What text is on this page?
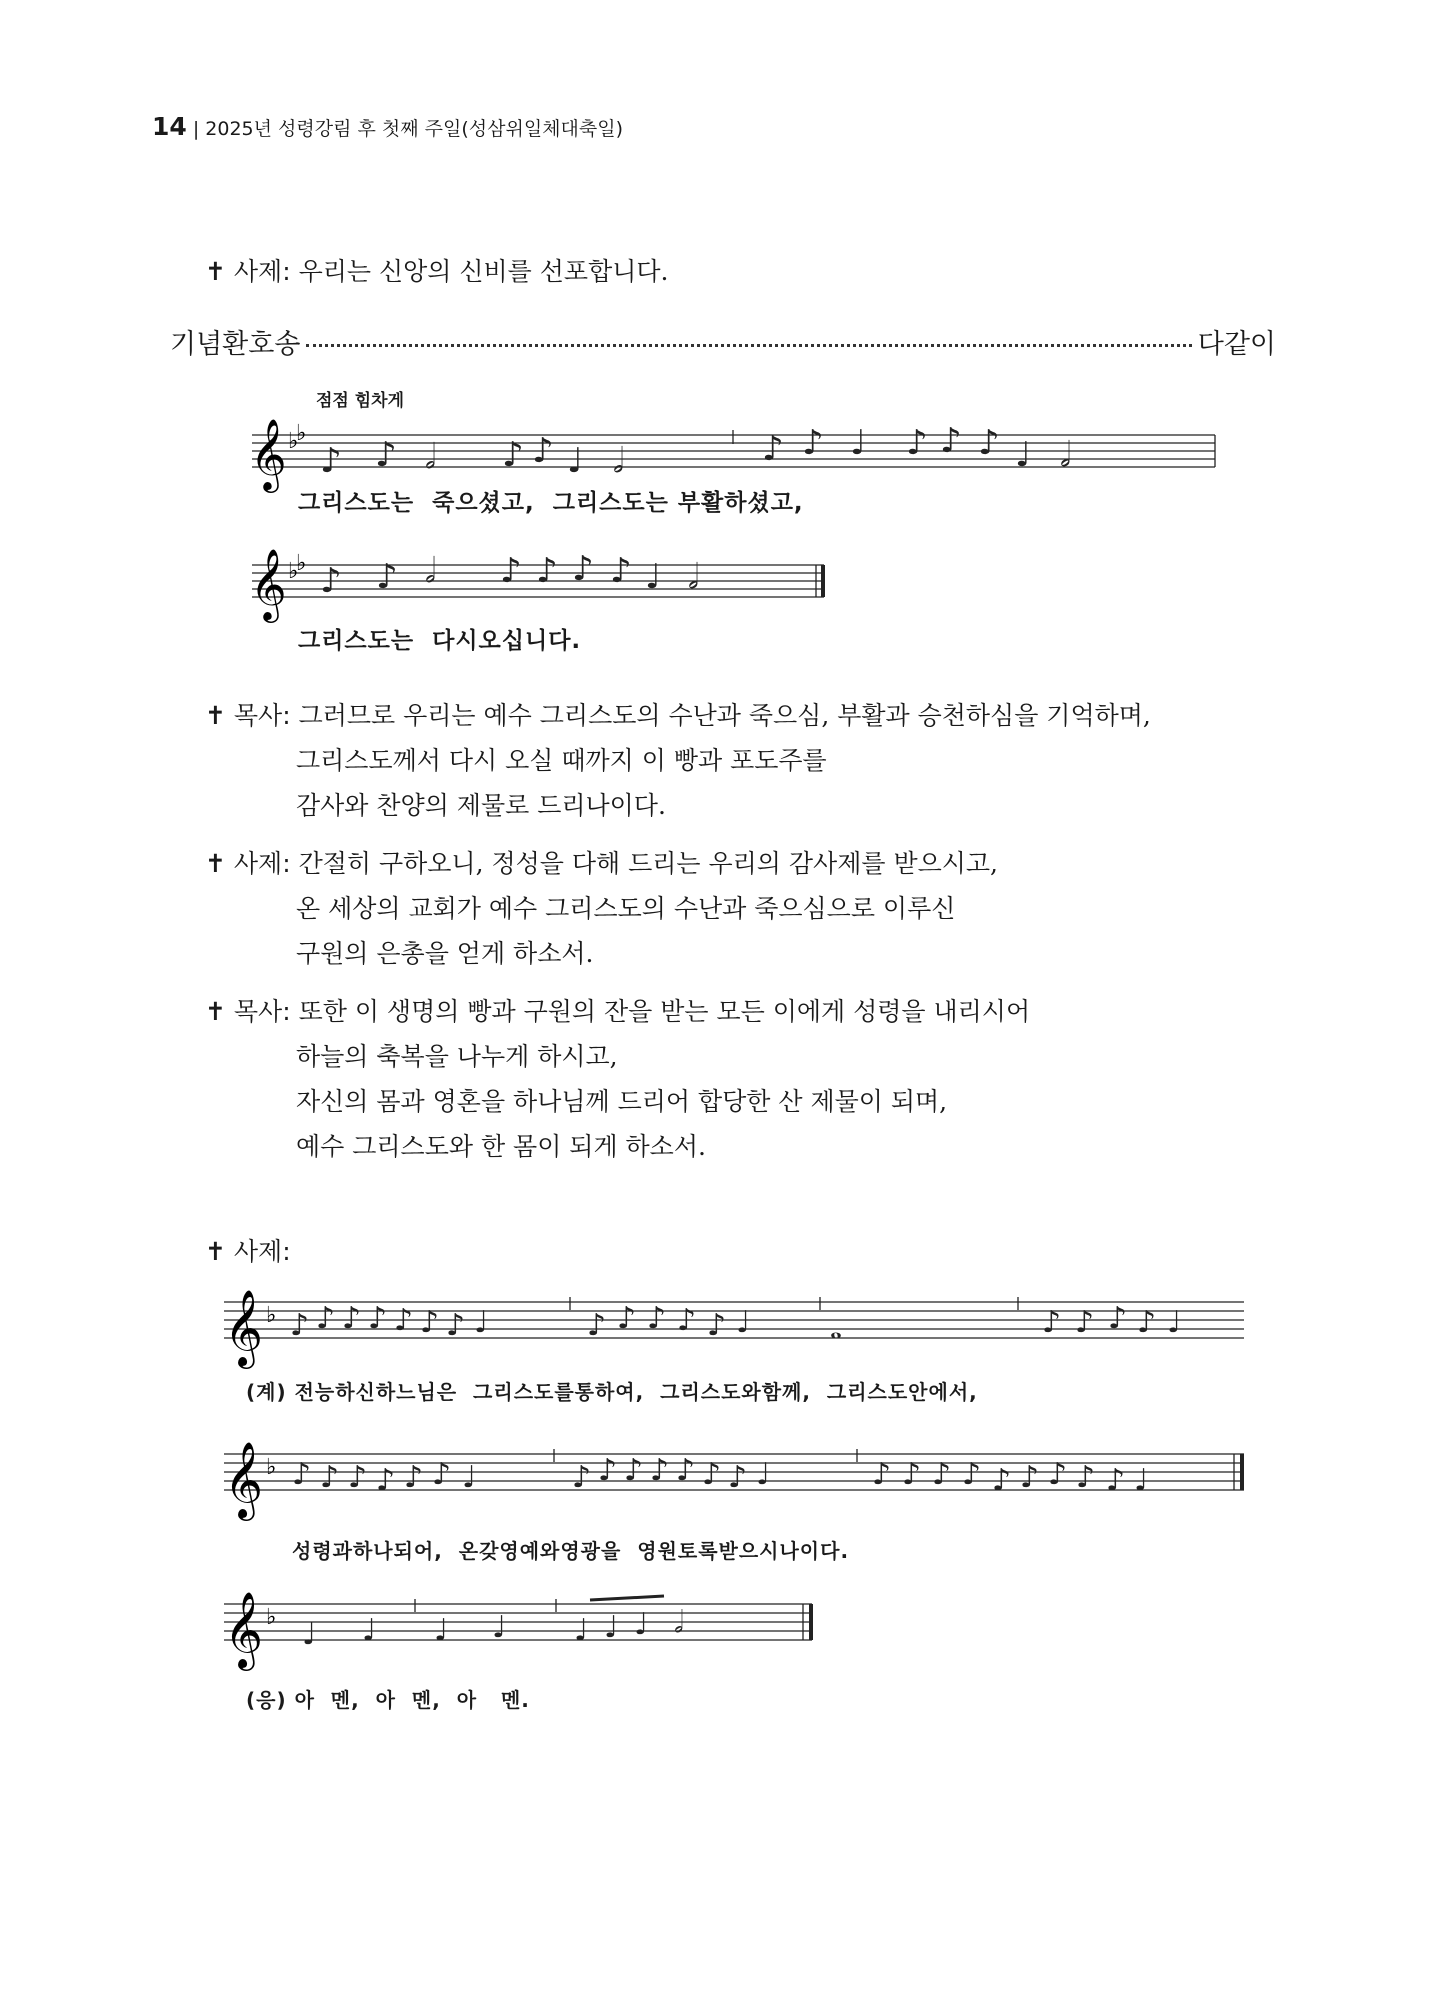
14 | 2025년 성령강림 후 첫째 주일(성삼위일체대축일)
✝ 사제: 우리는 신앙의 신비를 선포합니다.
기념환호송	다같이
점점 힘차게
𝄞 ♭
♭
♪ ♪ 𝅗𝅥 ♪ ♪ ♩ 𝅗𝅥	♪ ♪ ♩ ♪ ♪ ♪ ♩ 𝅗𝅥
그리스도는  죽으셨고,  그리스도는 부활하셨고,
𝄞 ♭
♭ ♪ ♪ 𝅗𝅥 ♪ ♪ ♪ ♪ ♩ 𝅗𝅥
그리스도는  다시오십니다.
✝ 목사: 그러므로 우리는 예수 그리스도의 수난과 죽으심, 부활과 승천하심을 기억하며,
그리스도께서 다시 오실 때까지 이 빵과 포도주를
감사와 찬양의 제물로 드리나이다.
✝ 사제: 간절히 구하오니, 정성을 다해 드리는 우리의 감사제를 받으시고,
온 세상의 교회가 예수 그리스도의 수난과 죽으심으로 이루신
구원의 은총을 얻게 하소서.
✝ 목사: 또한 이 생명의 빵과 구원의 잔을 받는 모든 이에게 성령을 내리시어
하늘의 축복을 나누게 하시고,
자신의 몸과 영혼을 하나님께 드리어 합당한 산 제물이 되며,
예수 그리스도와 한 몸이 되게 하소서.
✝ 사제:
𝄞 ♭ ♪ ♪ ♪ ♪ ♪ ♪ ♪ ♩	♪ ♪ ♪ ♪ ♪ ♩	𝅝	♪ ♪ ♪ ♪ ♩
(계) 전능하신하느님은  그리스도를통하여,  그리스도와함께,  그리스도안에서,
𝄞 ♭ ♪ ♪ ♪ ♪ ♪ ♪ ♩	♪ ♪ ♪ ♪ ♪ ♪ ♪ ♩	♪ ♪ ♪ ♪ ♪ ♪ ♪ ♪ ♪ ♩
성령과하나되어,  온갖영예와영광을  영원토록받으시나이다.
𝄞 ♭ ♩ ♩ ♩ ♩ ♩ ♩ ♩ 𝅗𝅥
(응) 아  멘,  아  멘,  아   멘.
